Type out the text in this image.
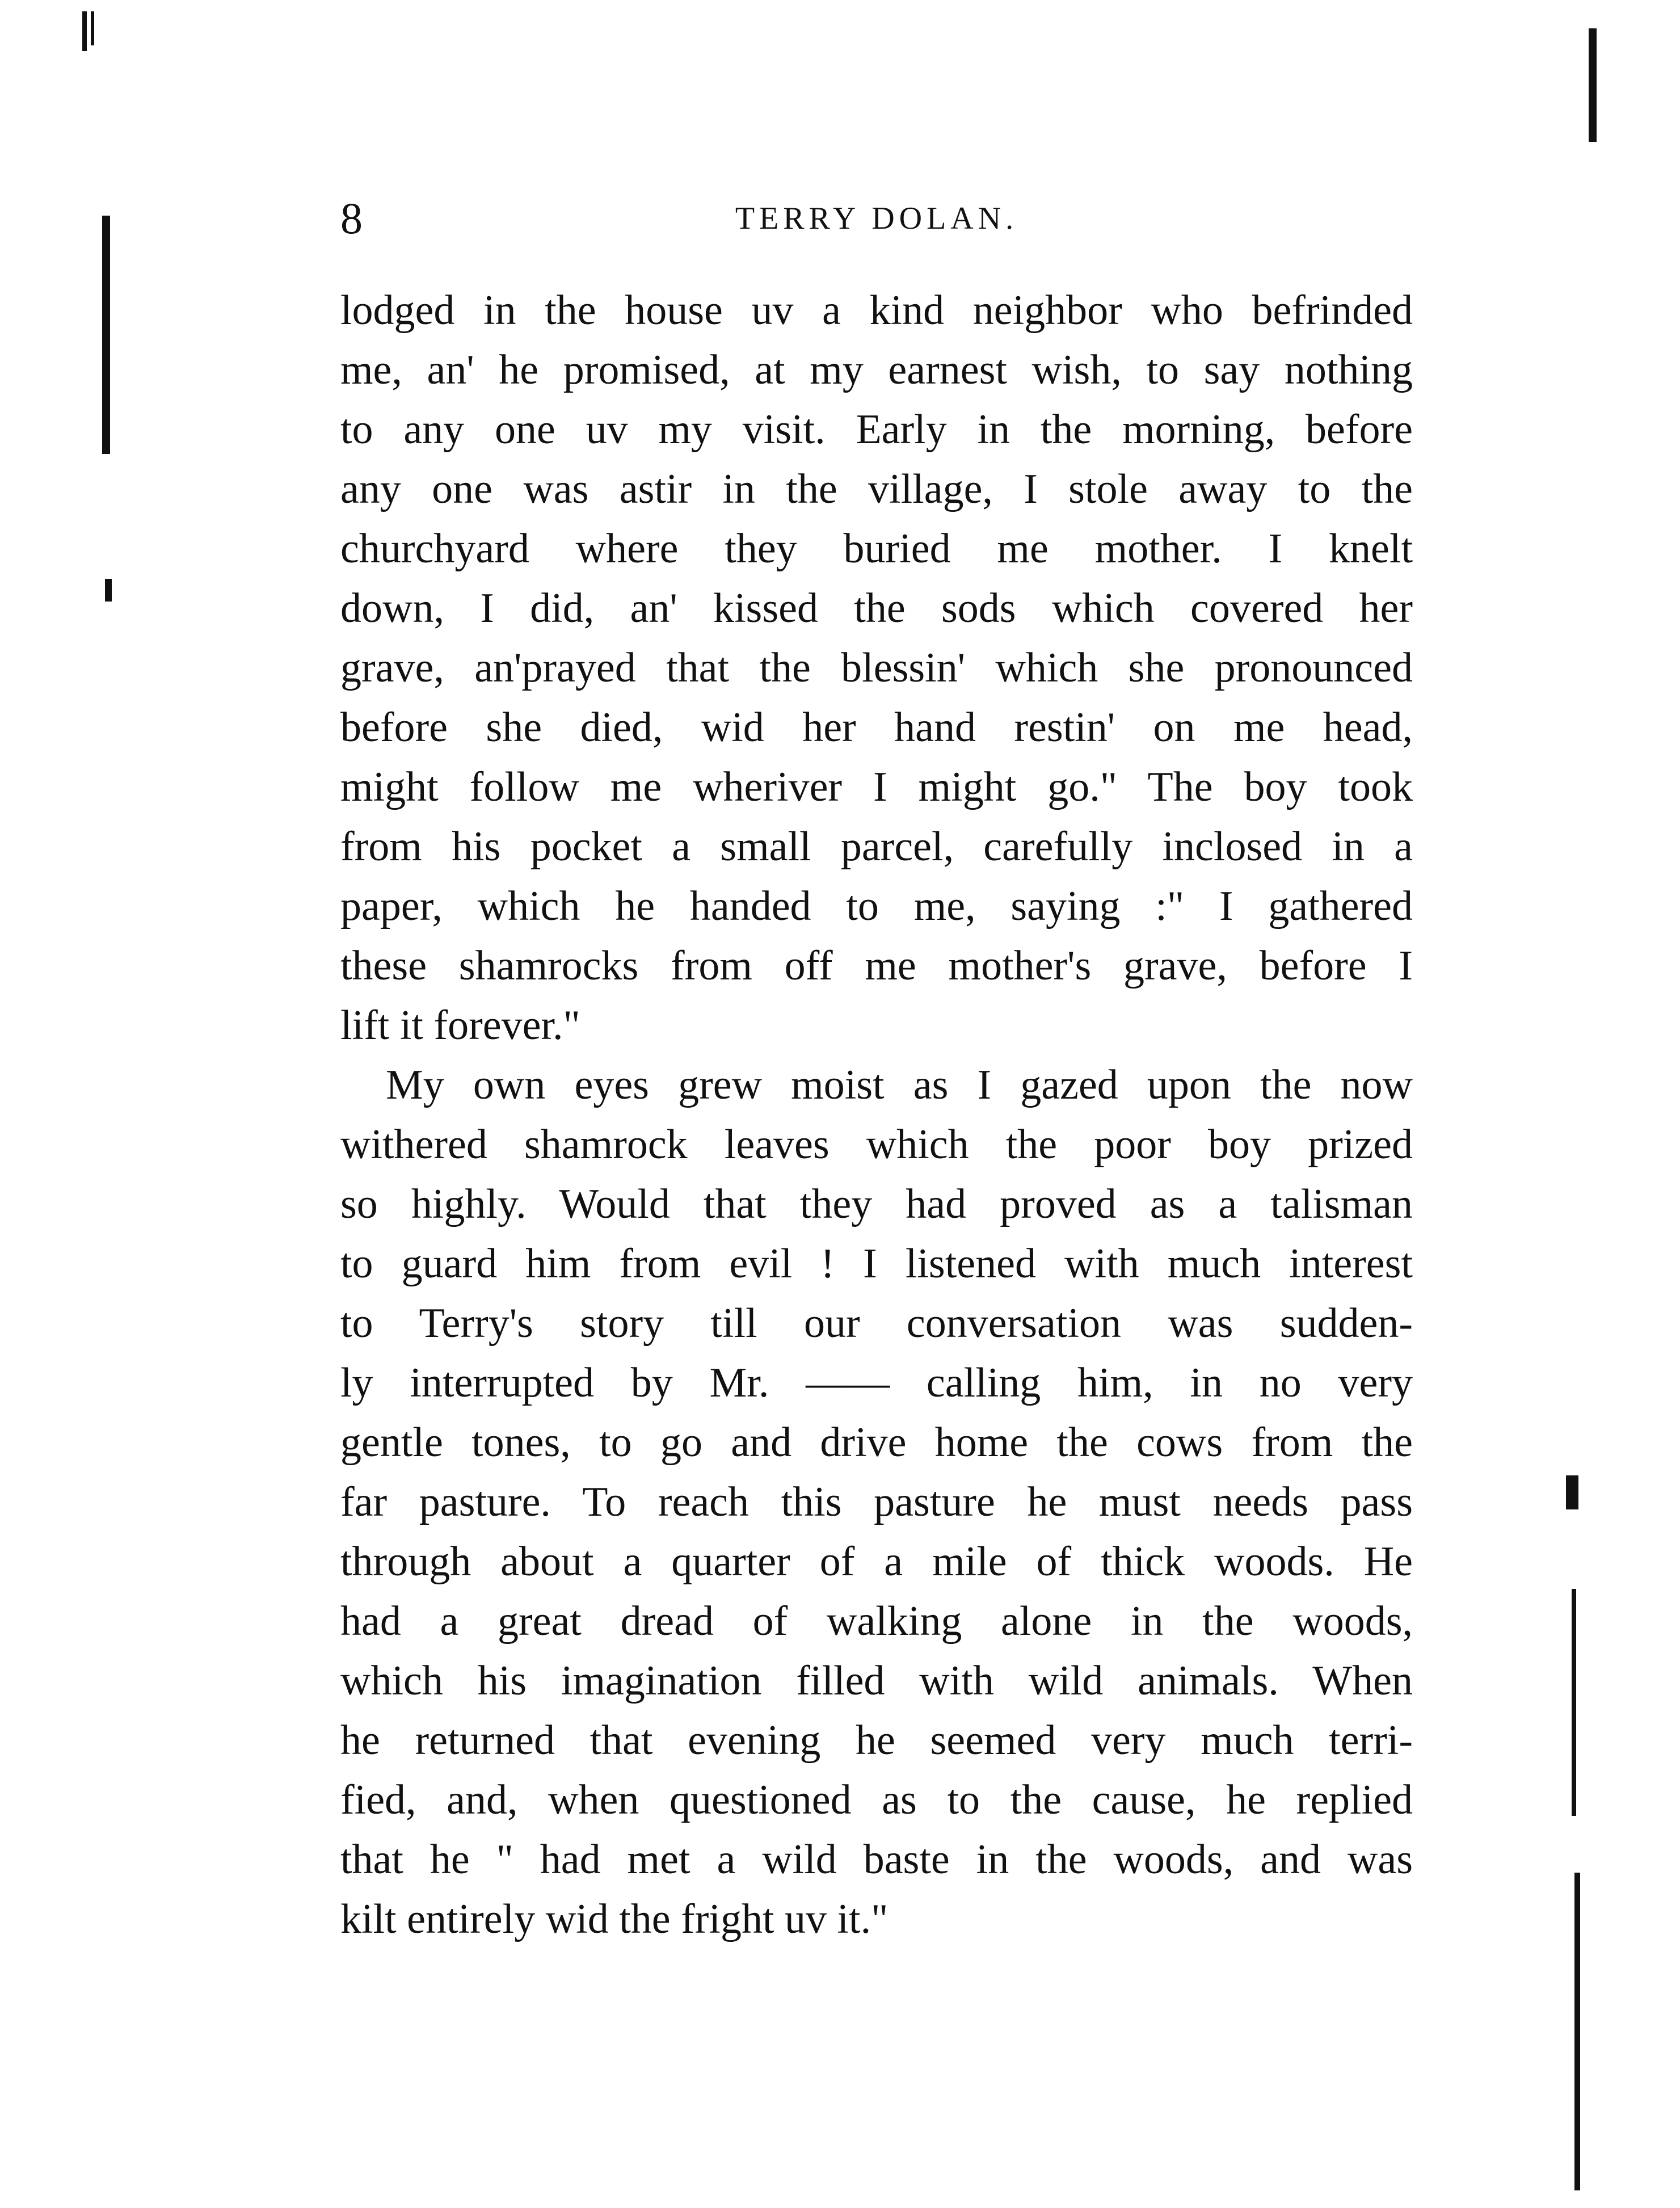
8	TERRY DOLAN.
lodged in the house uv a kind neighbor who befrinded
me, an' he promised, at my earnest wish, to say nothing
to any one uv my visit. Early in the morning, before
any one was astir in the village, I stole away to the
churchyard where they buried me mother. I knelt
down, I did, an' kissed the sods which covered her
grave, an'prayed that the blessin' which she pronounced
before she died, wid her hand restin' on me head,
might follow me wheriver I might go." The boy took
from his pocket a small parcel, carefully inclosed in a
paper, which he handed to me, saying :" I gathered
these shamrocks from off me mother's grave, before I
lift it forever."
My own eyes grew moist as I gazed upon the now
withered shamrock leaves which the poor boy prized
so highly. Would that they had proved as a talisman
to guard him from evil ! I listened with much interest
to Terry's story till our conversation was sudden-
ly interrupted by Mr. —— calling him, in no very
gentle tones, to go and drive home the cows from the
far pasture. To reach this pasture he must needs pass
through about a quarter of a mile of thick woods. He
had a great dread of walking alone in the woods,
which his imagination filled with wild animals. When
he returned that evening he seemed very much terri-
fied, and, when questioned as to the cause, he replied
that he " had met a wild baste in the woods, and was
kilt entirely wid the fright uv it."
